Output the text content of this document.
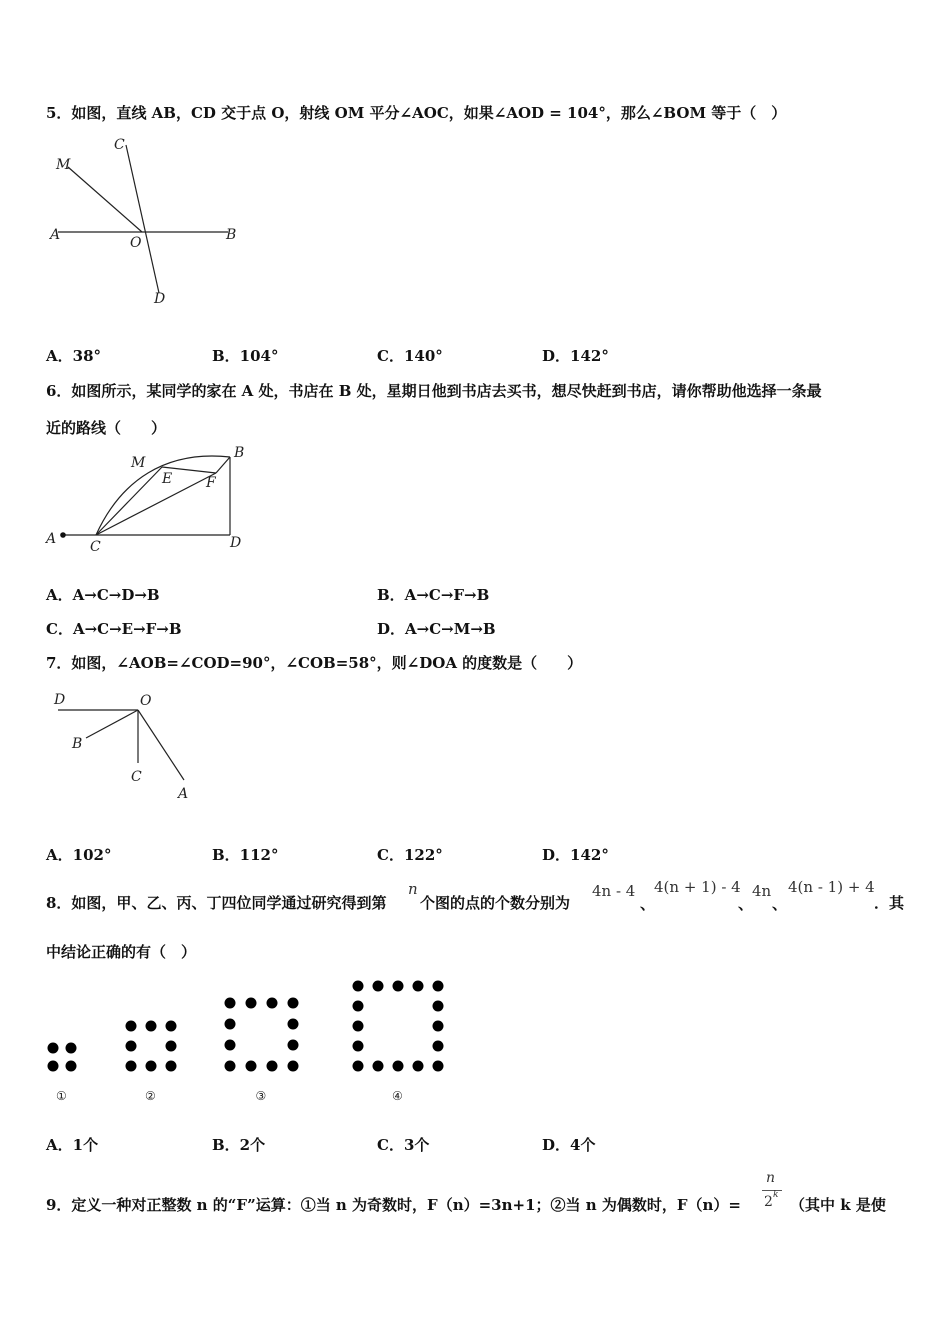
5．如图，直线 AB，CD 交于点 O，射线 OM 平分∠AOC，如果∠AOD = 104°，那么∠BOM 等于（　）
M
C
A	O	B
D
A．38°	B．104°	C．140°	D．142°
6．如图所示，某同学的家在 A 处，书店在 B 处，星期日他到书店去买书，想尽快赶到书店，请你帮助他选择一条最
近的路线（　　）
M
E F
B
A C	D
A．A→C→D→B	B．A→C→F→B
C．A→C→E→F→B	D．A→C→M→B
7．如图，∠AOB=∠COD=90°，∠COB=58°，则∠DOA 的度数是（　　）
D	O
B
C
A
A．102°	B．112°	C．122°	D．142°
8．如图，甲、乙、丙、丁四位同学通过研究得到第
n
个图的点的个数分别为
4n - 4
、
4(n + 1) - 4
、
4n
、
4(n - 1) + 4
．其
中结论正确的有（　）
①	②	③	④
A．1个	B．2个	C．3个	D．4个
9．定义一种对正整数 n 的“F”运算：①当 n 为奇数时，F（n）=3n+1；②当 n 为偶数时，F（n）=
n
2 k
（其中 k 是使
